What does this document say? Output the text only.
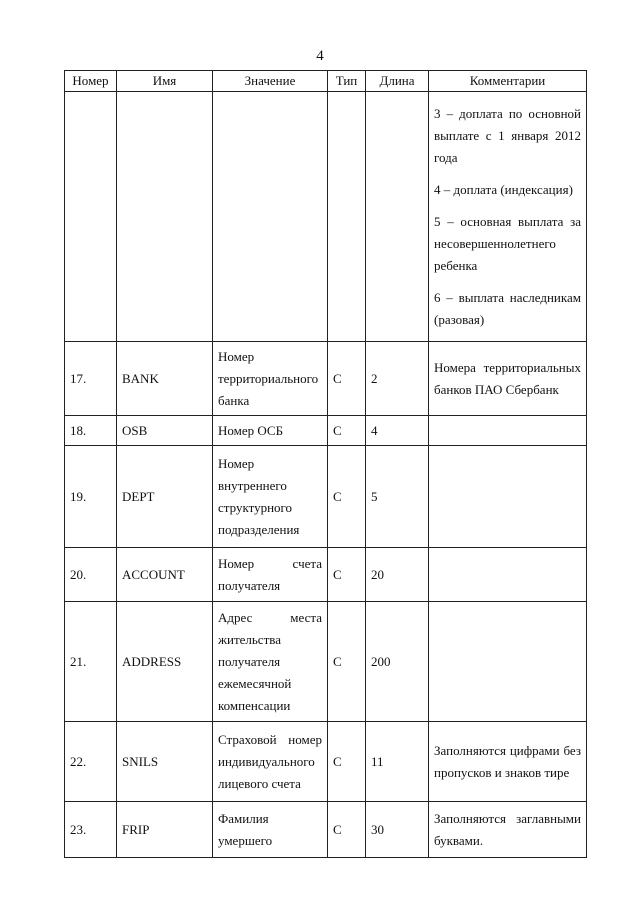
4
Номер	Имя	Значение	Тип	Длина	Комментарии

					3 – доплата по основной выплате с 1 января 2012 года
4 – доплата (индексация)
5 – основная выплата за несовершеннолетнего ребенка
6 – выплата наследникам (разовая)

17.	BANK	Номер территориального банка	C	2	Номера территориальных банков ПАО Сбербанк
18.	OSB	Номер ОСБ	C	4	
19.	DEPT	Номер внутреннего структурного подразделения	C	5	
20.	ACCOUNT	Номер счета получателя	C	20	
21.	ADDRESS	Адрес места жительства получателя ежемесячной компенсации	C	200	
22.	SNILS	Страховой номер индивидуального лицевого счета	C	11	Заполняются цифрами без пропусков и знаков тире
23.	FRIP	Фамилия умершего	C	30	Заполняются заглавными буквами.
